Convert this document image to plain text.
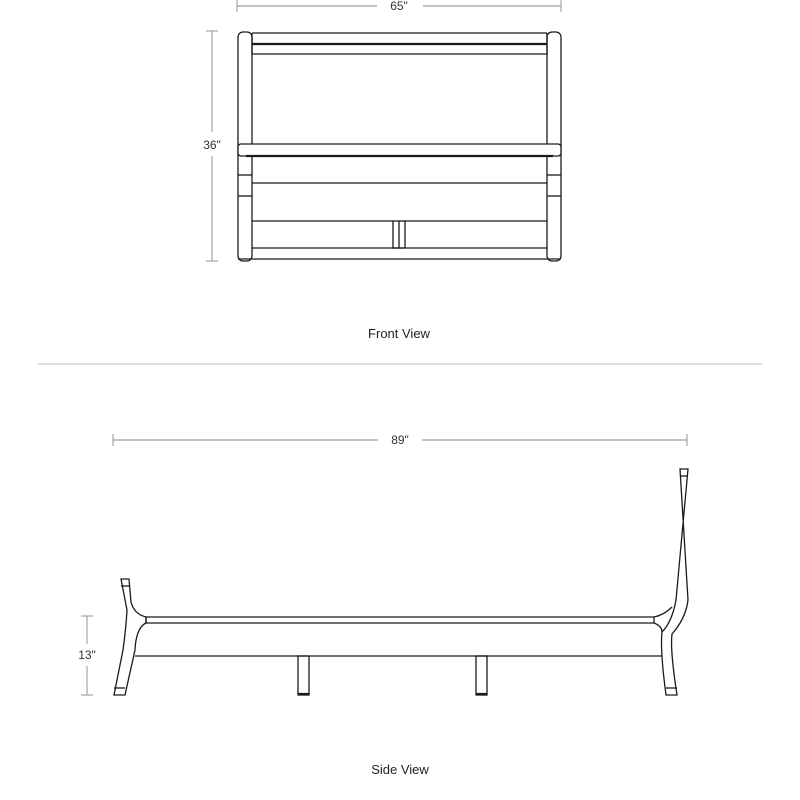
65"
36"
Front View
89"
13"
Side View
